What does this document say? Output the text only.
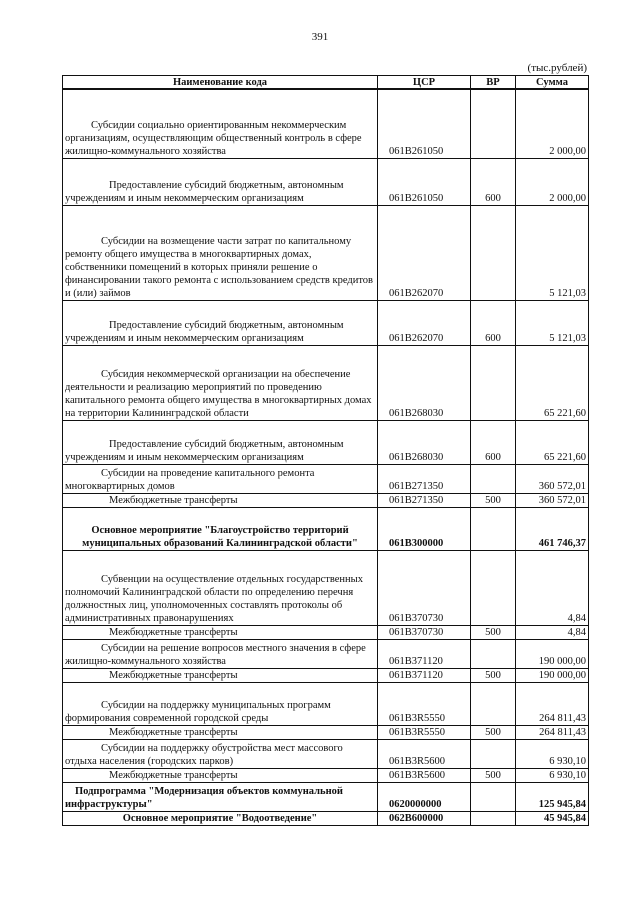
391
(тыс.рублей)
Наименование кода	ЦСР	ВР	Сумма
Субсидии социально ориентированным некоммерческим организациям, осуществляющим общественный контроль в сфере жилищно-коммунального хозяйства	061B261050		2 000,00
Предоставление субсидий бюджетным, автономным учреждениям и иным некоммерческим организациям	061B261050	600	2 000,00
Субсидии на возмещение части затрат по капитальному ремонту общего имущества в многоквартирных домах, собственники помещений в которых приняли решение о финансировании такого ремонта с использованием средств кредитов и (или) займов	061B262070		5 121,03
Предоставление субсидий бюджетным, автономным учреждениям и иным некоммерческим организациям	061B262070	600	5 121,03
Субсидия некоммерческой организации на обеспечение деятельности и реализацию мероприятий по проведению капитального ремонта общего имущества в многоквартирных домах на территории Калининградской области	061B268030		65 221,60
Предоставление субсидий бюджетным, автономным учреждениям и иным некоммерческим организациям	061B268030	600	65 221,60
Субсидии на проведение капитального ремонта многоквартирных домов	061B271350		360 572,01
Межбюджетные трансферты	061B271350	500	360 572,01
Основное мероприятие "Благоустройство территорий муниципальных образований Калининградской области"	061B300000		461 746,37
Субвенции на осуществление отдельных государственных полномочий Калининградской области по определению перечня должностных лиц, уполномоченных составлять протоколы об административных правонарушениях	061B370730		4,84
Межбюджетные трансферты	061B370730	500	4,84
Субсидии на решение вопросов местного значения в сфере жилищно-коммунального хозяйства	061B371120		190 000,00
Межбюджетные трансферты	061B371120	500	190 000,00
Субсидии на поддержку муниципальных программ формирования современной городской среды	061B3R5550		264 811,43
Межбюджетные трансферты	061B3R5550	500	264 811,43
Субсидии на поддержку обустройства мест массового отдыха населения (городских парков)	061B3R5600		6 930,10
Межбюджетные трансферты	061B3R5600	500	6 930,10
Подпрограмма "Модернизация объектов коммунальной инфраструктуры"	0620000000		125 945,84
Основное мероприятие "Водоотведение"	062B600000		45 945,84
